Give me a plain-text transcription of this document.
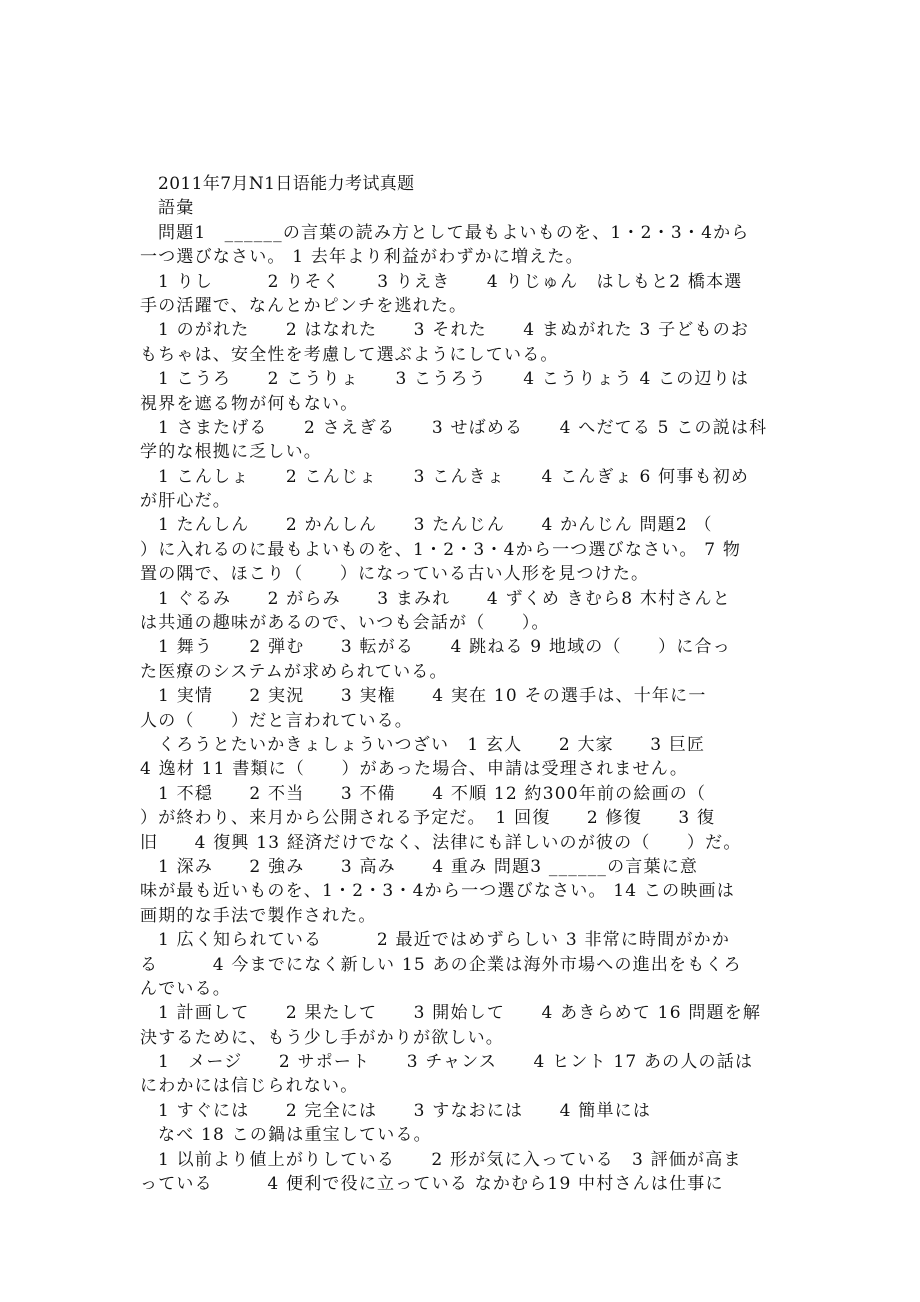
2011年7月N1日语能力考试真题
語彙
問題1　______の言葉の読み方として最もよいものを、1・2・3・4から
一つ選びなさい。 1 去年より利益がわずかに増えた。
1 りし　　　2 りそく　　3 りえき　　4 りじゅん　はしもと2 橋本選
手の活躍で、なんとかピンチを逃れた。
1 のがれた　　2 はなれた　　3 それた　　4 まぬがれた 3 子どものお
もちゃは、安全性を考慮して選ぶようにしている。
1 こうろ　　2 こうりょ　　3 こうろう　　4 こうりょう 4 この辺りは
視界を遮る物が何もない。
1 さまたげる　　2 さえぎる　　3 せばめる　　4 へだてる 5 この説は科
学的な根拠に乏しい。
1 こんしょ　　2 こんじょ　　3 こんきょ　　4 こんぎょ 6 何事も初め
が肝心だ。
1 たんしん　　2 かんしん　　3 たんじん　　4 かんじん 問題2 （
）に入れるのに最もよいものを、1・2・3・4から一つ選びなさい。 7 物
置の隅で、ほこり（　　）になっている古い人形を見つけた。
1 ぐるみ　　2 がらみ　　3 まみれ　　4 ずくめ きむら8 木村さんと
は共通の趣味があるので、いつも会話が（　　）。
1 舞う　　2 弾む　　3 転がる　　4 跳ねる 9 地域の（　　）に合っ
た医療のシステムが求められている。
1 実情　　2 実況　　3 実権　　4 実在 10 その選手は、十年に一
人の（　　）だと言われている。
くろうとたいかきょしょういつざい　1 玄人　　2 大家　　3 巨匠
4 逸材 11 書類に（　　）があった場合、申請は受理されません。
1 不穏　　2 不当　　3 不備　　4 不順 12 約300年前の絵画の（
）が終わり、来月から公開される予定だ。　1 回復　　2 修復　　3 復
旧　　4 復興 13 経済だけでなく、法律にも詳しいのが彼の（　　）だ。
1 深み　　2 強み　　3 高み　　4 重み 問題3 ______の言葉に意
味が最も近いものを、1・2・3・4から一つ選びなさい。 14 この映画は
画期的な手法で製作された。
1 広く知られている　　　2 最近ではめずらしい 3 非常に時間がかか
る　　　4 今までになく新しい 15 あの企業は海外市場への進出をもくろ
んでいる。
1 計画して　　2 果たして　　3 開始して　　4 あきらめて 16 問題を解
決するために、もう少し手がかりが欲しい。
1　メージ　　2 サポート　　3 チャンス　　4 ヒント 17 あの人の話は
にわかには信じられない。
1 すぐには　　2 完全には　　3 すなおには　　4 簡単には
なべ 18 この鍋は重宝している。
1 以前より値上がりしている　　2 形が気に入っている　3 評価が高ま
っている　　　4 便利で役に立っている なかむら19 中村さんは仕事に
